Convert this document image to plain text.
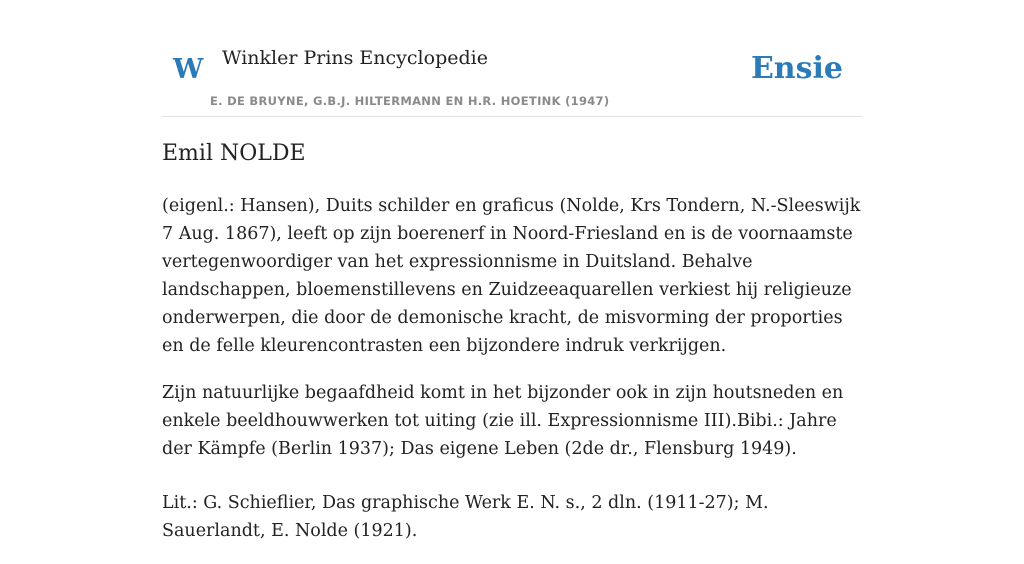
W Winkler Prins Encyclopedie
E. DE BRUYNE, G.B.J. HILTERMANN EN H.R. HOETINK (1947)
Ensie
Emil NOLDE

(eigenl.: Hansen), Duits schilder en graficus (Nolde, Krs Tondern, N.-Sleeswijk 7 Aug. 1867), leeft op zijn boerenerf in Noord-Friesland en is de voornaamste vertegenwoordiger van het expressionnisme in Duitsland. Behalve landschappen, bloemenstillevens en Zuidzeeaquarellen verkiest hij religieuze onderwerpen, die door de demonische kracht, de misvorming der proporties en de felle kleurencontrasten een bijzondere indruk verkrijgen.

Zijn natuurlijke begaafdheid komt in het bijzonder ook in zijn houtsneden en enkele beeldhouwwerken tot uiting (zie ill. Expressionnisme III).Bibi.: Jahre der Kämpfe (Berlin 1937); Das eigene Leben (2de dr., Flensburg 1949).

Lit.: G. Schieflier, Das graphische Werk E. N. s., 2 dln. (1911-27); M. Sauerlandt, E. Nolde (1921).
